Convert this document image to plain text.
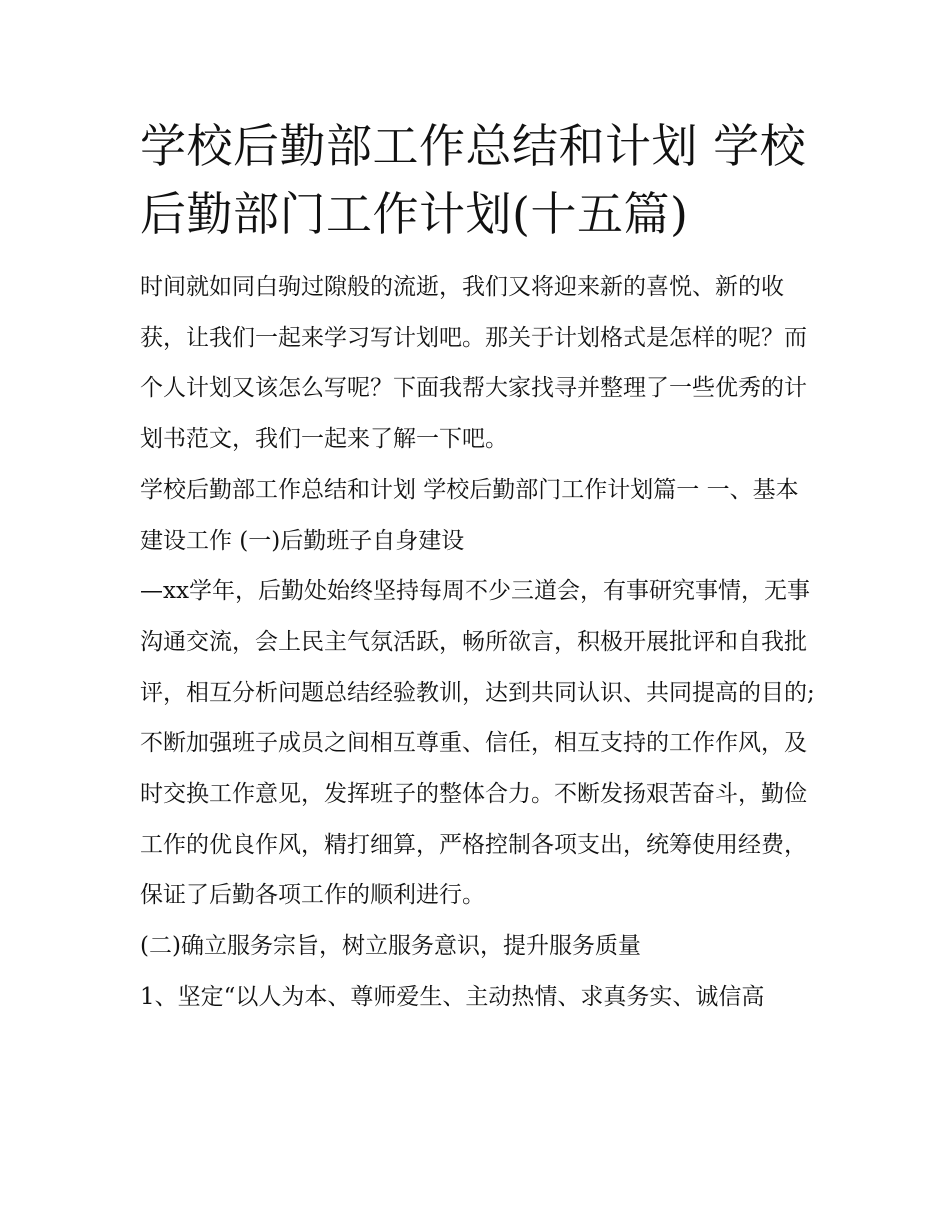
学校后勤部工作总结和计划 学校后勤部门工作计划(十五篇)

时间就如同白驹过隙般的流逝，我们又将迎来新的喜悦、新的收获，让我们一起来学习写计划吧。那关于计划格式是怎样的呢？而个人计划又该怎么写呢？下面我帮大家找寻并整理了一些优秀的计划书范文，我们一起来了解一下吧。

学校后勤部工作总结和计划 学校后勤部门工作计划篇一 一、基本建设工作 (一)后勤班子自身建设

—xx学年，后勤处始终坚持每周不少三道会，有事研究事情，无事沟通交流，会上民主气氛活跃，畅所欲言，积极开展批评和自我批评，相互分析问题总结经验教训，达到共同认识、共同提高的目的;不断加强班子成员之间相互尊重、信任，相互支持的工作作风，及时交换工作意见，发挥班子的整体合力。不断发扬艰苦奋斗，勤俭工作的优良作风，精打细算，严格控制各项支出，统筹使用经费，保证了后勤各项工作的顺利进行。

(二)确立服务宗旨，树立服务意识，提升服务质量

1、坚定“以人为本、尊师爱生、主动热情、求真务实、诚信高
